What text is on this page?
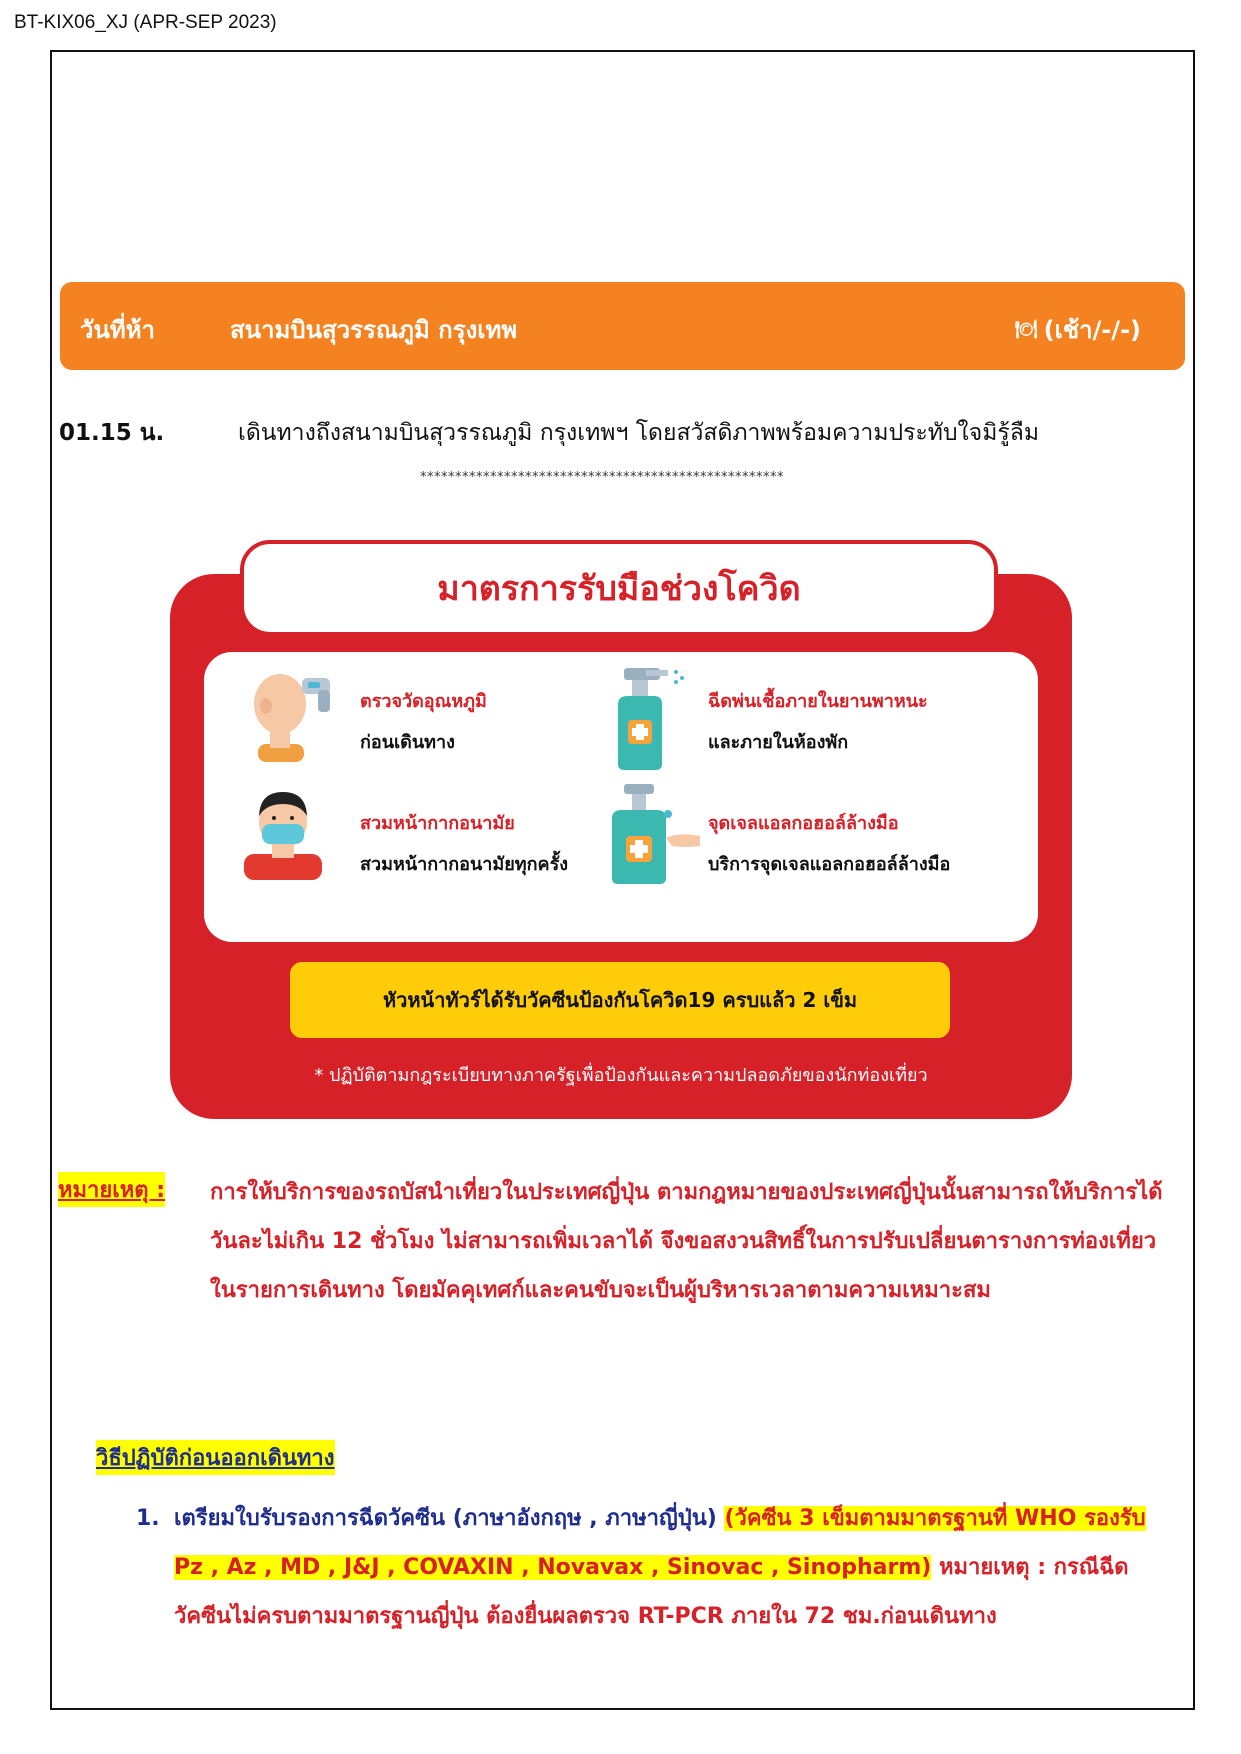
BT-KIX06_XJ (APR-SEP 2023)
วันที่ห้า	สนามบินสุวรรณภูมิ กรุงเทพ	🍽 (เช้า/-/-)
01.15 น.	เดินทางถึงสนามบินสุวรรณภูมิ กรุงเทพฯ โดยสวัสดิภาพพร้อมความประทับใจมิรู้ลืม
****************************************************
มาตรการรับมือช่วงโควิด
ตรวจวัดอุณหภูมิ
ก่อนเดินทาง
ฉีดพ่นเชื้อภายในยานพาหนะ
และภายในห้องพัก
สวมหน้ากากอนามัย
สวมหน้ากากอนามัยทุกครั้ง
จุดเจลแอลกอฮอล์ล้างมือ
บริการจุดเจลแอลกอฮอล์ล้างมือ
หัวหน้าทัวร์ได้รับวัคซีนป้องกันโควิด19 ครบแล้ว 2 เข็ม
* ปฏิบัติตามกฎระเบียบทางภาครัฐเพื่อป้องกันและความปลอดภัยของนักท่องเที่ยว
หมายเหตุ : การให้บริการของรถบัสนำเที่ยวในประเทศญี่ปุ่น ตามกฎหมายของประเทศญี่ปุ่นนั้นสามารถให้บริการได้วันละไม่เกิน 12 ชั่วโมง ไม่สามารถเพิ่มเวลาได้ จึงขอสงวนสิทธิ์ในการปรับเปลี่ยนตารางการท่องเที่ยวในรายการเดินทาง โดยมัคคุเทศก์และคนขับจะเป็นผู้บริหารเวลาตามความเหมาะสม
วิธีปฏิบัติก่อนออกเดินทาง
1. เตรียมใบรับรองการฉีดวัคซีน (ภาษาอังกฤษ , ภาษาญี่ปุ่น) (วัคซีน 3 เข็มตามมาตรฐานที่ WHO รองรับ Pz , Az , MD , J&J , COVAXIN , Novavax , Sinovac , Sinopharm) หมายเหตุ : กรณีฉีดวัคซีนไม่ครบตามมาตรฐานญี่ปุ่น ต้องยื่นผลตรวจ RT-PCR ภายใน 72 ชม.ก่อนเดินทาง
